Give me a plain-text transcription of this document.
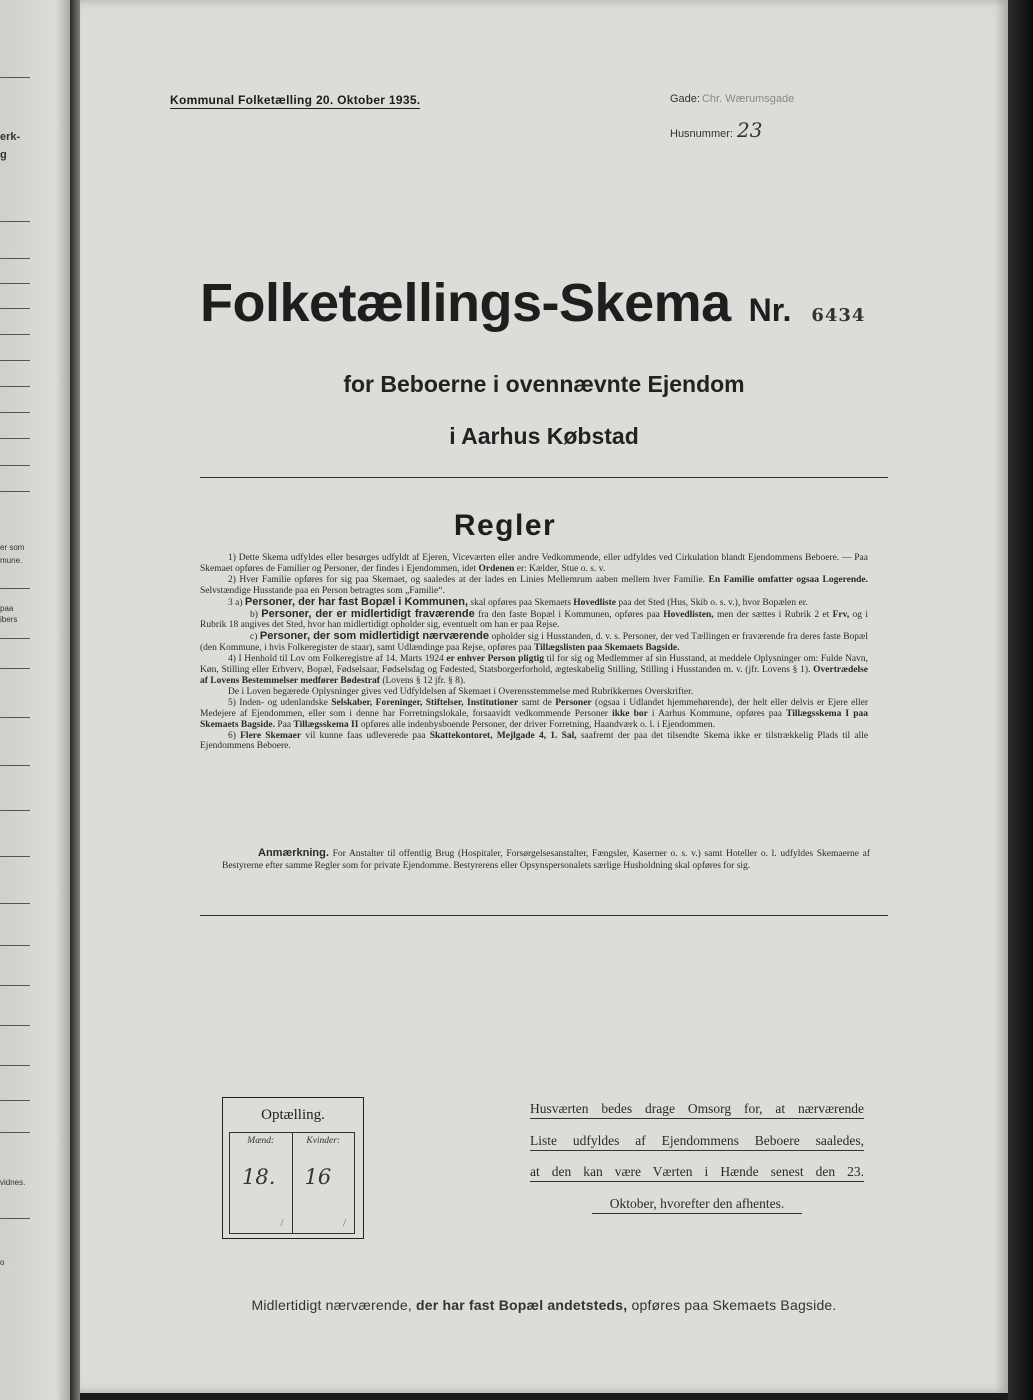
erk-
g
er som
mune.
paa
ibers
vidnes.
o
Kommunal Folketælling 20. Oktober 1935.	Gade: Chr. Wærumsgade
Husnummer: 23
Folketællings-Skema Nr. 6434
for Beboerne i ovennævnte Ejendom
i Aarhus Købstad
Regler

1) Dette Skema udfyldes eller besørges udfyldt af Ejeren, Viceværten eller andre Vedkommende, eller udfyldes ved Cirkulation blandt Ejendommens Beboere. — Paa Skemaet opføres de Familier og Personer, der findes i Ejendommen, idet Ordenen er: Kælder, Stue o. s. v.

2) Hver Familie opføres for sig paa Skemaet, og saaledes at der lades en Linies Mellemrum aaben mellem hver Familie. En Familie omfatter ogsaa Logerende. Selvstændige Husstande paa en Person betragtes som „Familie“.

3 a) Personer, der har fast Bopæl i Kommunen, skal opføres paa Skemaets Hovedliste paa det Sted (Hus, Skib o. s. v.), hvor Bopælen er.

b) Personer, der er midlertidigt fraværende fra den faste Bopæl i Kommunen, opføres paa Hovedlisten, men der sættes i Rubrik 2 et Frv, og i Rubrik 18 angives det Sted, hvor han midlertidigt opholder sig, eventuelt om han er paa Rejse.

c) Personer, der som midlertidigt nærværende opholder sig i Husstanden, d. v. s. Personer, der ved Tællingen er fraværende fra deres faste Bopæl (den Kommune, i hvis Folkeregister de staar), samt Udlændinge paa Rejse, opføres paa Tillægslisten paa Skemaets Bagside.

4) I Henhold til Lov om Folkeregistre af 14. Marts 1924 er enhver Person pligtig til for sig og Medlemmer af sin Husstand, at meddele Oplysninger om: Fulde Navn, Køn, Stilling eller Erhverv, Bopæl, Fødselsaar, Fødselsdag og Fødested, Statsborgerforhold, ægteskabelig Stilling, Stilling i Husstanden m. v. (jfr. Lovens § 1). Overtrædelse af Lovens Bestemmelser medfører Bødestraf (Lovens § 12 jfr. § 8).

De i Loven begærede Oplysninger gives ved Udfyldelsen af Skemaet i Overensstemmelse med Rubrikkernes Overskrifter.

5) Inden- og udenlandske Selskaber, Foreninger, Stiftelser, Institutioner samt de Personer (ogsaa i Udlandet hjemmehørende), der helt eller delvis er Ejere eller Medejere af Ejendommen, eller som i denne har Forretningslokale, forsaavidt vedkommende Personer ikke bor i Aarhus Kommune, opføres paa Tillægsskema I paa Skemaets Bagside. Paa Tillægsskema II opføres alle indenbysboende Personer, der driver Forretning, Haandværk o. l. i Ejendommen.

6) Flere Skemaer vil kunne faas udleverede paa Skattekontoret, Mejlgade 4, 1. Sal, saafremt der paa det tilsendte Skema ikke er tilstrækkelig Plads til alle Ejendommens Beboere.

Anmærkning. For Anstalter til offentlig Brug (Hospitaler, Forsørgelsesanstalter, Fængsler, Kaserner o. s. v.) samt Hoteller o. l. udfyldes Skemaerne af Bestyrerne efter samme Regler som for private Ejendomme. Bestyrerens eller Opsynspersonalets særlige Husholdning skal opføres for sig.
Optælling.
Mænd:
18.
/
Kvinder:
16
/
Husværten bedes drage Omsorg for, at nærværende
Liste udfyldes af Ejendommens Beboere saaledes,
at den kan være Værten i Hænde senest den 23.
Oktober, hvorefter den afhentes.
Midlertidigt nærværende, der har fast Bopæl andetsteds, opføres paa Skemaets Bagside.
